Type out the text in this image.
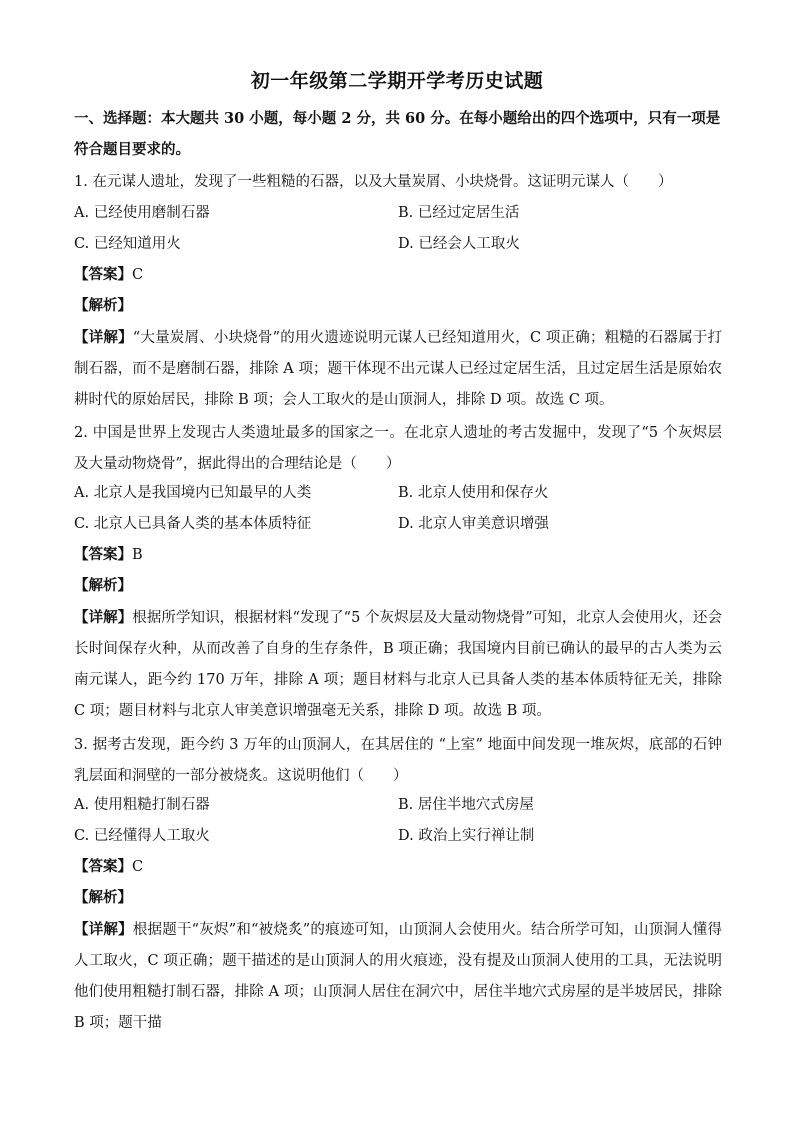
初一年级第二学期开学考历史试题
一、选择题：本大题共 30 小题，每小题 2 分，共 60 分。在每小题给出的四个选项中，只有一项是符合题目要求的。
1. 在元谋人遗址，发现了一些粗糙的石器，以及大量炭屑、小块烧骨。这证明元谋人（　　）
A. 已经使用磨制石器	B. 已经过定居生活
C. 已经知道用火	D. 已经会人工取火
【答案】C
【解析】
【详解】“大量炭屑、小块烧骨”的用火遗迹说明元谋人已经知道用火，C 项正确；粗糙的石器属于打制石器，而不是磨制石器，排除 A 项；题干体现不出元谋人已经过定居生活，且过定居生活是原始农耕时代的原始居民，排除 B 项；会人工取火的是山顶洞人，排除 D 项。故选 C 项。
2. 中国是世界上发现古人类遗址最多的国家之一。在北京人遗址的考古发掘中，发现了“5 个灰烬层及大量动物烧骨”，据此得出的合理结论是（　　）
A. 北京人是我国境内已知最早的人类	B. 北京人使用和保存火
C. 北京人已具备人类的基本体质特征	D. 北京人审美意识增强
【答案】B
【解析】
【详解】根据所学知识，根据材料“发现了“5 个灰烬层及大量动物烧骨”可知，北京人会使用火，还会长时间保存火种，从而改善了自身的生存条件，B 项正确；我国境内目前已确认的最早的古人类为云南元谋人，距今约 170 万年，排除 A 项；题目材料与北京人已具备人类的基本体质特征无关，排除 C 项；题目材料与北京人审美意识增强毫无关系，排除 D 项。故选 B 项。
3. 据考古发现，距今约 3 万年的山顶洞人，在其居住的 “上室” 地面中间发现一堆灰烬，底部的石钟乳层面和洞壁的一部分被烧炙。这说明他们（　　）
A. 使用粗糙打制石器	B. 居住半地穴式房屋
C. 已经懂得人工取火	D. 政治上实行禅让制
【答案】C
【解析】
【详解】根据题干“灰烬”和“被烧炙”的痕迹可知，山顶洞人会使用火。结合所学可知，山顶洞人懂得人工取火，C 项正确；题干描述的是山顶洞人的用火痕迹，没有提及山顶洞人使用的工具，无法说明他们使用粗糙打制石器，排除 A 项；山顶洞人居住在洞穴中，居住半地穴式房屋的是半坡居民，排除 B 项；题干描
